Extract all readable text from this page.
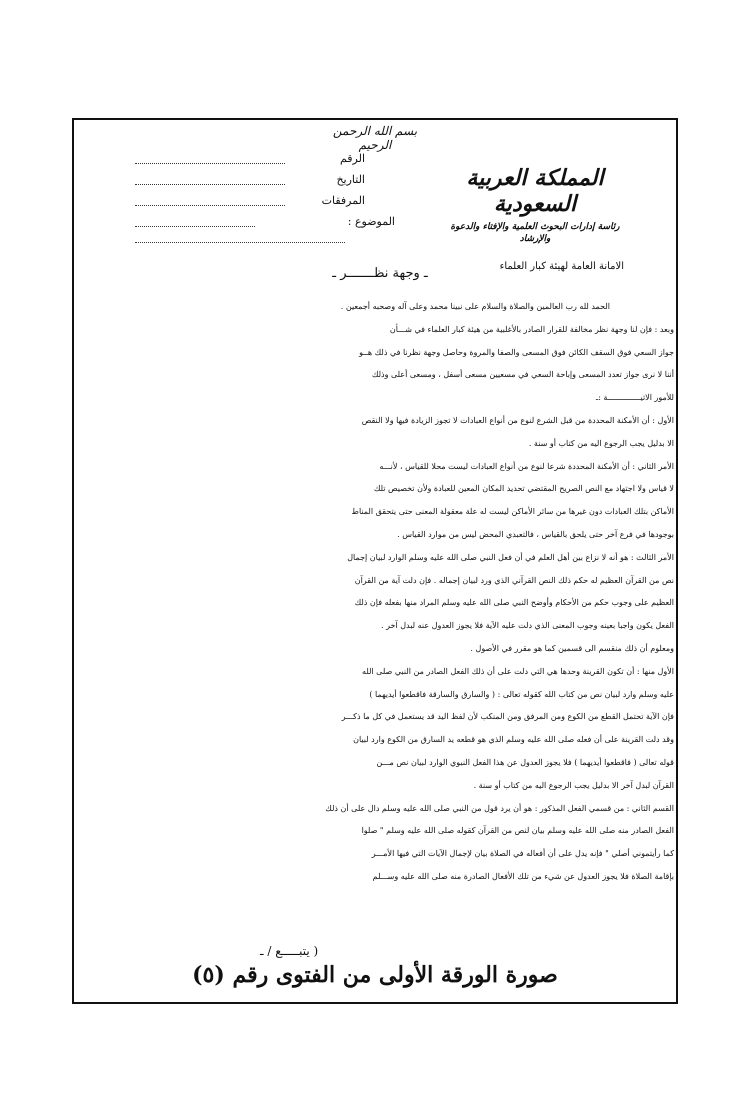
بسم الله الرحمن الرحيم
الرقم
التاريخ
المرفقات
الموضوع :
المملكة العربية السعودية
رئاسة إدارات البحوث العلمية والإفتاء والدعوة والإرشاد
الامانة العامة لهيئة كبار العلماء
ـ وجهة نظـــــــر ـ

الحمد لله رب العالمين والصلاة والسلام على نبينا محمد وعلى آله وصحبه أجمعين .

وبعد : فإن لنا وجهة نظر مخالفة للقرار الصادر بالأغلبية من هيئة كبار العلماء في شـــأن

جواز السعي فوق السقف الكائن فوق المسعى والصفا والمروة وحاصل وجهة نظرنا في ذلك هــو

أننا لا نرى جواز تعدد المسعى وإباحة السعي في مسعيين مسعى أسفل ، ومسعى أعلى وذلك

للأمور الاتيــــــــــــــة :ـ

الأول : أن الأمكنة المحددة من قبل الشرع لنوع من أنواع العبادات لا تجوز الزيادة فيها ولا النقص

الا بدليل يجب الرجوع اليه من كتاب أو سنة .

الأمر الثاني : أن الأمكنة المحددة شرعا لنوع من أنواع العبادات ليست محلا للقياس ، لأنـــه

لا قياس ولا اجتهاد مع النص الصريح المقتضي تحديد المكان المعين للعبادة ولأن تخصيص تلك

الأماكن بتلك العبادات دون غيرها من سائر الأماكن ليست له علة معقولة المعنى حتى يتحقق المناط

بوجودها في فرع آخر حتى يلحق بالقياس ، فالتعبدي المحض ليس من موارد القياس .

الأمر الثالث : هو أنه لا نزاع بين أهل العلم في أن فعل النبي صلى الله عليه وسلم الوارد لبيان إجمال

نص من القرآن العظيم له حكم ذلك النص القرآني الذي ورد لبيان إجماله . فإن دلت آية من القرآن

العظيم على وجوب حكم من الأحكام وأوضح النبي صلى الله عليه وسلم المراد منها بفعله فإن ذلك

الفعل يكون واجبا بعينه وجوب المعنى الذي دلت عليه الآية فلا يجوز العدول عنه لبدل آخر .

ومعلوم أن ذلك منقسم الى قسمين كما هو مقرر في الأصول .

الأول منها : أن تكون القرينة وحدها هي التي دلت على أن ذلك الفعل الصادر من النبي صلى الله

عليه وسلم وارد لبيان نص من كتاب الله كقوله تعالى : ( والسارق والسارقة فاقطعوا أيديهما )

فإن الآية تحتمل القطع من الكوع ومن المرفق ومن المنكب لأن لفظ اليد قد يستعمل في كل ما ذكـــر

وقد دلت القرينة على أن فعله صلى الله عليه وسلم الذي هو قطعه يد السارق من الكوع وارد لبيان

قوله تعالى ( فاقطعوا أيديهما ) فلا يجوز العدول عن هذا الفعل النبوي الوارد لبيان نص مـــن

القرآن لبدل آخر الا بدليل يجب الرجوع اليه من كتاب أو سنة .

القسم الثاني : من قسمي الفعل المذكور : هو أن يرد قول من النبي صلى الله عليه وسلم دال على أن ذلك

الفعل الصادر منه صلى الله عليه وسلم بيان لنص من القرآن كقوله صلى الله عليه وسلم " صلوا

كما رأيتموني أصلي " فإنه يدل على أن أفعاله في الصلاة بيان لإجمال الآيات التي فيها الأمـــر

بإقامة الصلاة فلا يجوز العدول عن شيء من تلك الأفعال الصادرة منه صلى الله عليه وســـلم

( يتبـــــع / ـ
صورة الورقة الأولى من الفتوى رقم (٥)
